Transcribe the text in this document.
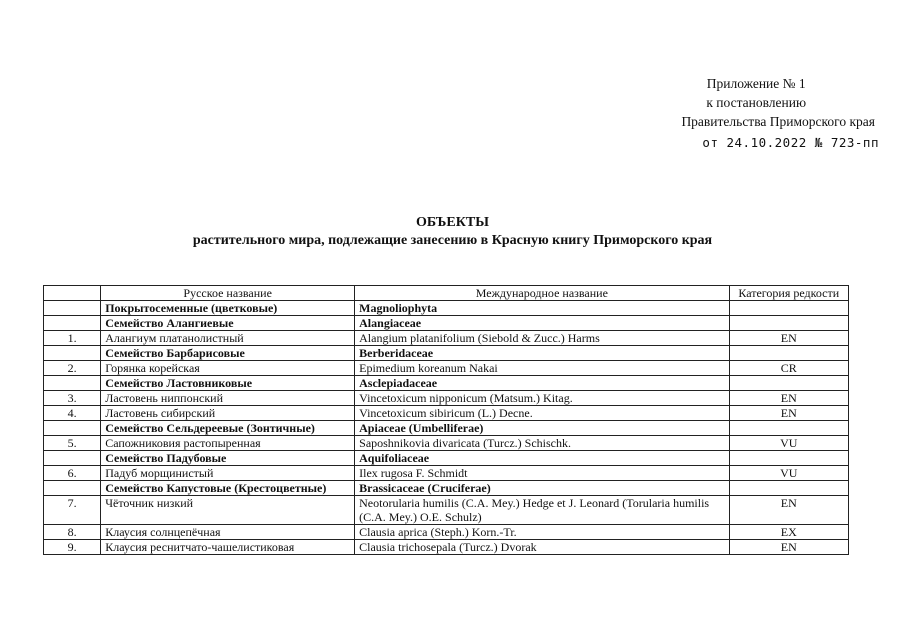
Приложение № 1
к постановлению
Правительства Приморского края
от 24.10.2022 № 723-пп
ОБЪЕКТЫ
растительного мира, подлежащие занесению в Красную книгу Приморского края
	Русское название	Международное название	Категория редкости
	Покрытосеменные (цветковые)	Magnoliophyta	
	Семейство Алангиевые	Alangiaceae	
1.	Алангиум платанолистный	Alangium platanifolium (Siebold & Zucc.) Harms	EN
	Семейство Барбарисовые	Berberidaceae	
2.	Горянка корейская	Epimedium koreanum Nakai	CR
	Семейство Ластовниковые	Asclepiadaceae	
3.	Ластовень ниппонский	Vincetoxicum nipponicum (Matsum.) Kitag.	EN
4.	Ластовень сибирский	Vincetoxicum sibiricum (L.) Decne.	EN
	Семейство Сельдереевые (Зонтичные)	Apiaceae (Umbelliferae)	
5.	Сапожниковия растопыренная	Saposhnikovia divaricata (Turcz.) Schischk.	VU
	Семейство Падубовые	Aquifoliaceae	
6.	Падуб морщинистый	Ilex rugosa F. Schmidt	VU
	Семейство Капустовые (Крестоцветные)	Brassicaceae (Cruciferae)	
7.	Чёточник низкий	Neotorularia humilis (C.A. Mey.) Hedge et J. Leonard (Torularia humilis (C.A. Mey.) O.E. Schulz)	EN
8.	Клаусия солнцепёчная	Clausia aprica (Steph.) Korn.-Tr.	EX
9.	Клаусия реснитчато-чашелистиковая	Clausia trichosepala (Turcz.) Dvorak	EN
